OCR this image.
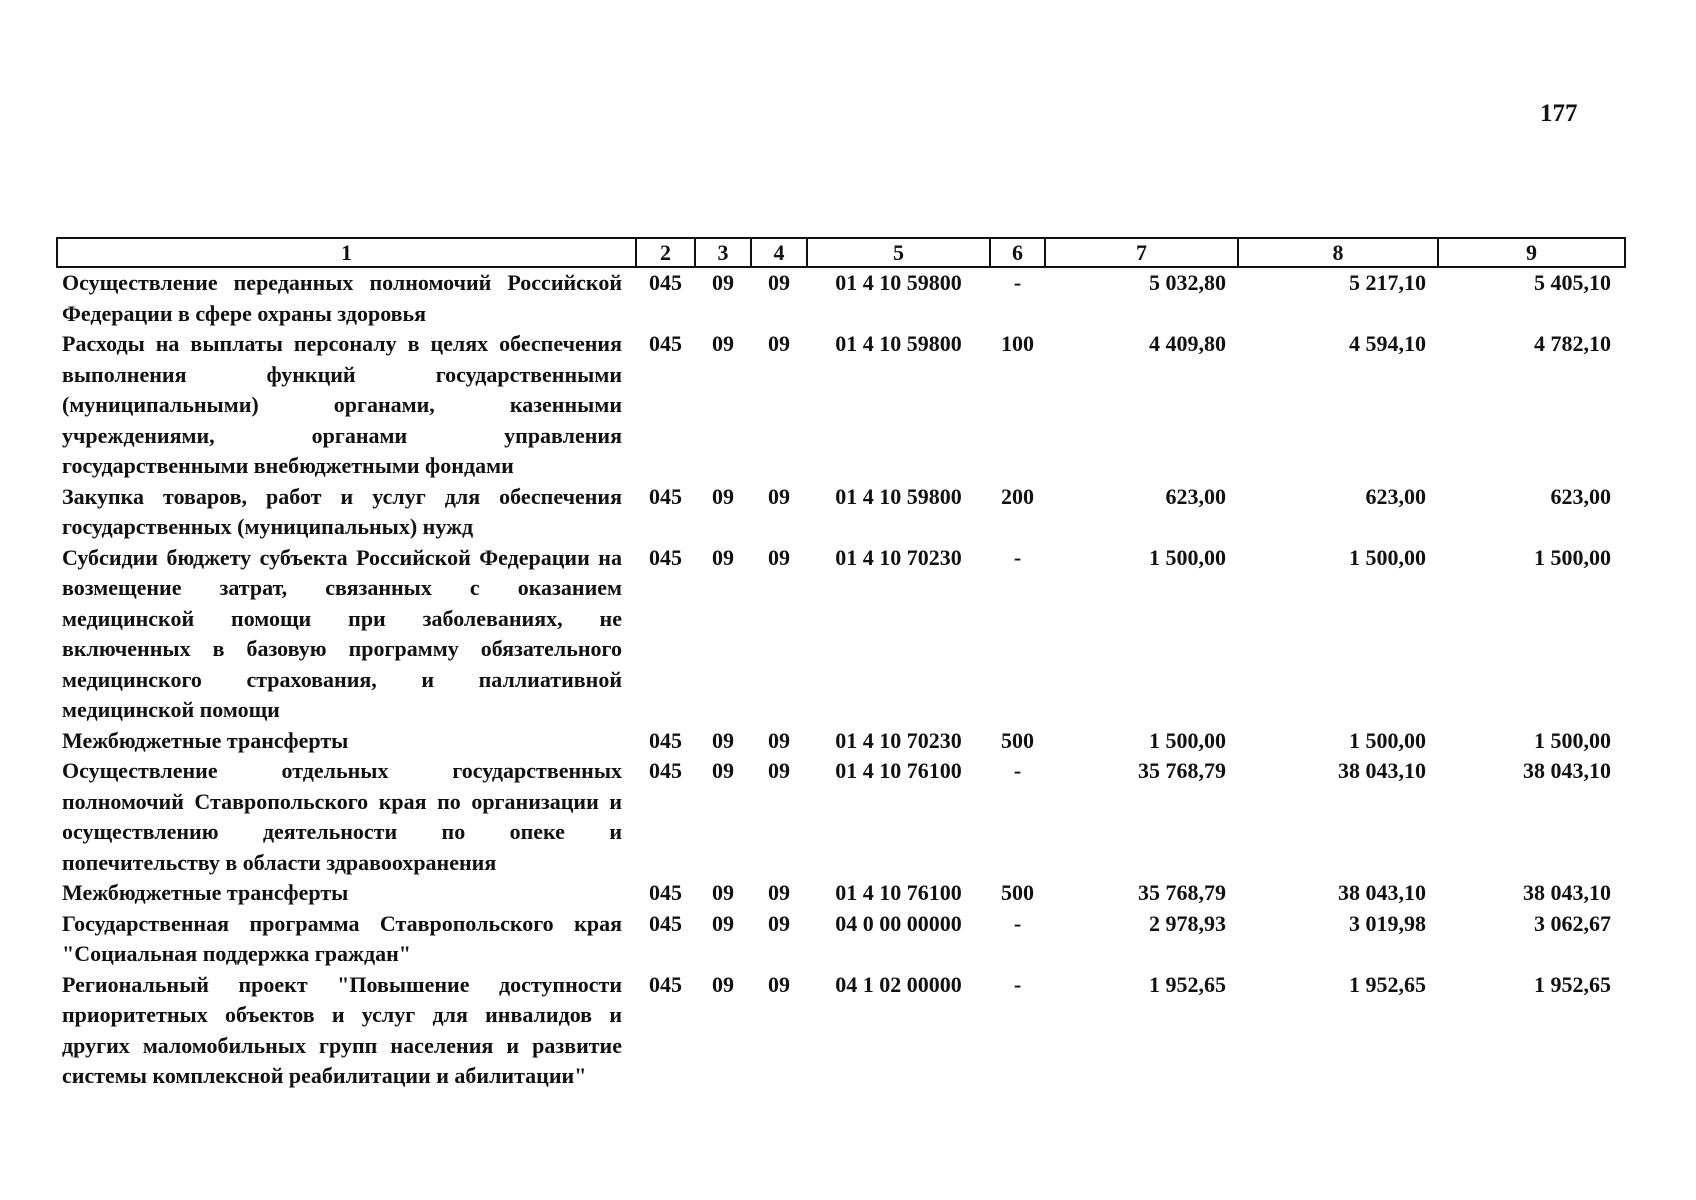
177
1	2	3	4	5	6	7	8	9
Осуществление переданных полномочий Российской Федерации в сфере охраны здоровья	045	09	09	01 4 10 59800	-	5 032,80	5 217,10	5 405,10
Расходы на выплаты персоналу в целях обеспечения выполнения функций государственными (муниципальными) органами, казенными учреждениями, органами управления государственными внебюджетными фондами	045	09	09	01 4 10 59800	100	4 409,80	4 594,10	4 782,10
Закупка товаров, работ и услуг для обеспечения государственных (муниципальных) нужд	045	09	09	01 4 10 59800	200	623,00	623,00	623,00
Субсидии бюджету субъекта Российской Федерации на возмещение затрат, связанных с оказанием медицинской помощи при заболеваниях, не включенных в базовую программу обязательного медицинского страхования, и паллиативной медицинской помощи	045	09	09	01 4 10 70230	-	1 500,00	1 500,00	1 500,00
Межбюджетные трансферты	045	09	09	01 4 10 70230	500	1 500,00	1 500,00	1 500,00
Осуществление отдельных государственных полномочий Ставропольского края по организации и осуществлению деятельности по опеке и попечительству в области здравоохранения	045	09	09	01 4 10 76100	-	35 768,79	38 043,10	38 043,10
Межбюджетные трансферты	045	09	09	01 4 10 76100	500	35 768,79	38 043,10	38 043,10
Государственная программа Ставропольского края "Социальная поддержка граждан"	045	09	09	04 0 00 00000	-	2 978,93	3 019,98	3 062,67
Региональный проект "Повышение доступности приоритетных объектов и услуг для инвалидов и других маломобильных групп населения и развитие системы комплексной реабилитации и абилитации"	045	09	09	04 1 02 00000	-	1 952,65	1 952,65	1 952,65
